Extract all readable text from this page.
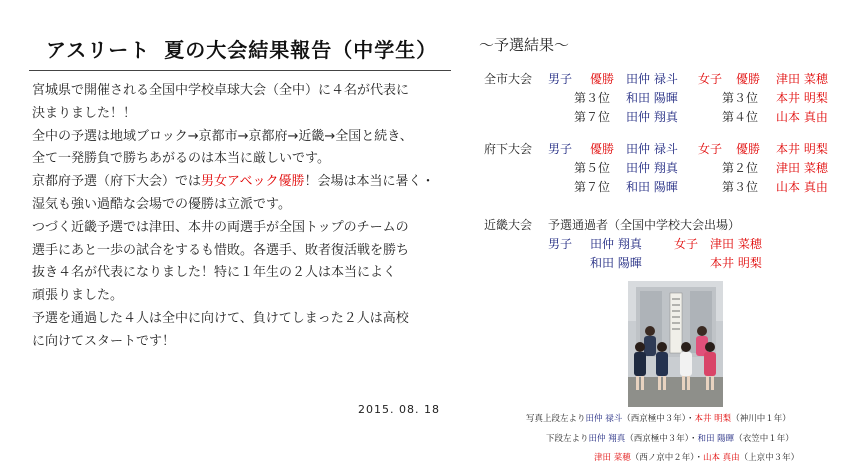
アスリート 夏の大会結果報告（中学生）

宮城県で開催される全国中学校卓球大会（全中）に４名が代表に

決まりました！！

全中の予選は地域ブロック→京都市→京都府→近畿→全国と続き、

全て一発勝負で勝ちあがるのは本当に厳しいです。

京都府予選（府下大会）では男女アベック優勝！会場は本当に暑く・

湿気も強い過酷な会場での優勝は立派です。

つづく近畿予選では津田、本井の両選手が全国トップのチームの

選手にあと一歩の試合をするも惜敗。各選手、敗者復活戦を勝ち

抜き４名が代表になりました！特に１年生の２人は本当によく

頑張りました。

予選を通過した４人は全中に向けて、負けてしまった２人は高校

に向けてスタートです！

2015. 08. 18
〜予選結果〜
全市大会 男子 優勝 田仲 禄斗 女子 優勝 津田 菜穂
第３位 和田 陽暉	第３位 本井 明梨
第７位 田仲 翔真	第４位 山本 真由
府下大会 男子 優勝 田仲 禄斗 女子 優勝 本井 明梨
第５位 田仲 翔真	第２位 津田 菜穂
第７位 和田 陽暉	第３位 山本 真由
近畿大会 予選通過者（全国中学校大会出場）
男子 田仲 翔真	女子 津田 菜穂
和田 陽暉	本井 明梨
写真上段左より田仲 禄斗（西京極中３年）・本井 明梨（神川中１年）
下段左より田仲 翔真（西京極中３年）・和田 陽暉（衣笠中１年）
津田 菜穂（西ノ京中２年）・山本 真由（上京中３年）
